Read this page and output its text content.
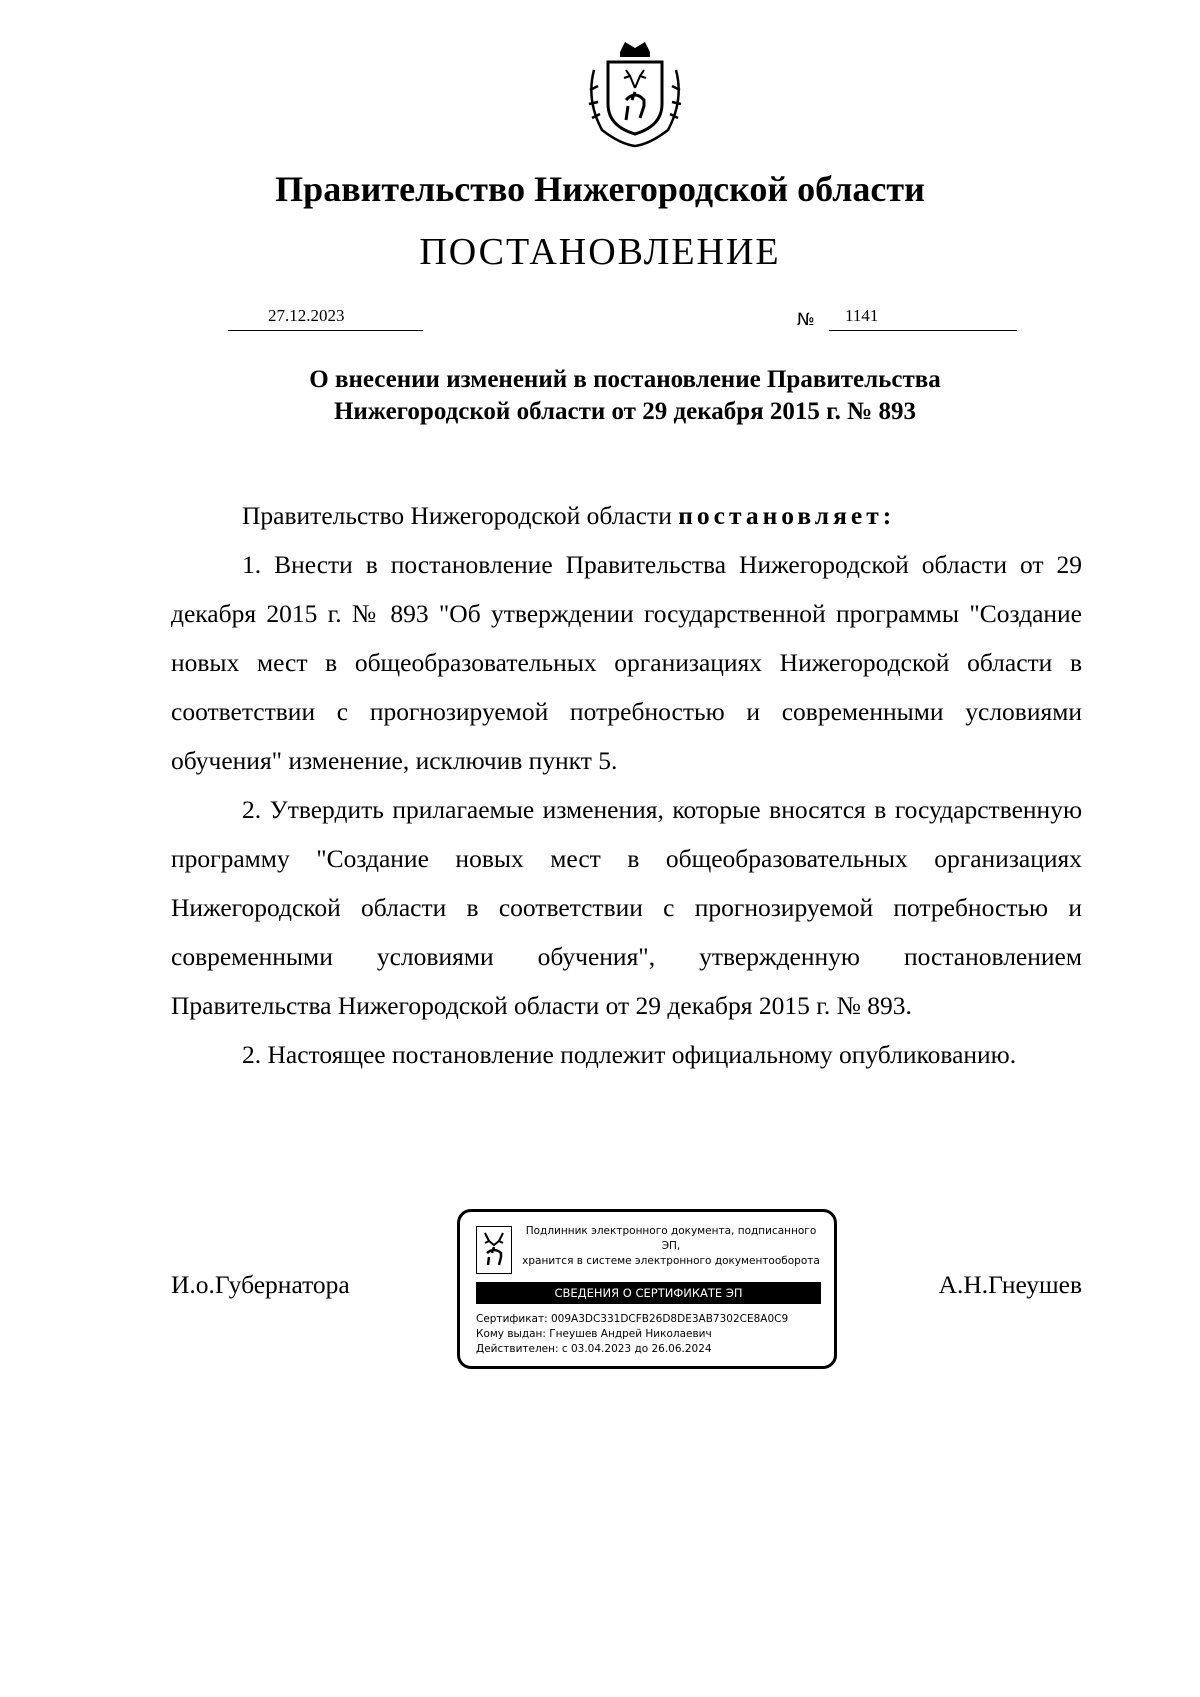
Правительство Нижегородской области
ПОСТАНОВЛЕНИЕ
27.12.2023	№ 1141
О внесении изменений в постановление Правительства
Нижегородской области от 29 декабря 2015 г. № 893

Правительство Нижегородской области постановляет:

1. Внести в постановление Правительства Нижегородской области от 29 декабря 2015 г. № 893 "Об утверждении государственной программы "Создание новых мест в общеобразовательных организациях Нижегородской области в соответствии с прогнозируемой потребностью и современными условиями обучения" изменение, исключив пункт 5.

2. Утвердить прилагаемые изменения, которые вносятся в государственную программу "Создание новых мест в общеобразовательных организациях Нижегородской области в соответствии с прогнозируемой потребностью и современными условиями обучения", утвержденную постановлением Правительства Нижегородской области от 29 декабря 2015 г. № 893.

2. Настоящее постановление подлежит официальному опубликованию.

И.о.Губернатора	А.Н.Гнеушев
Подлинник электронного документа, подписанного ЭП,
хранится в системе электронного документооборота
СВЕДЕНИЯ О СЕРТИФИКАТЕ ЭП
Сертификат: 009A3DC331DCFB26D8DE3AB7302CE8A0C9
Кому выдан: Гнеушев Андрей Николаевич
Действителен: с 03.04.2023 до 26.06.2024
